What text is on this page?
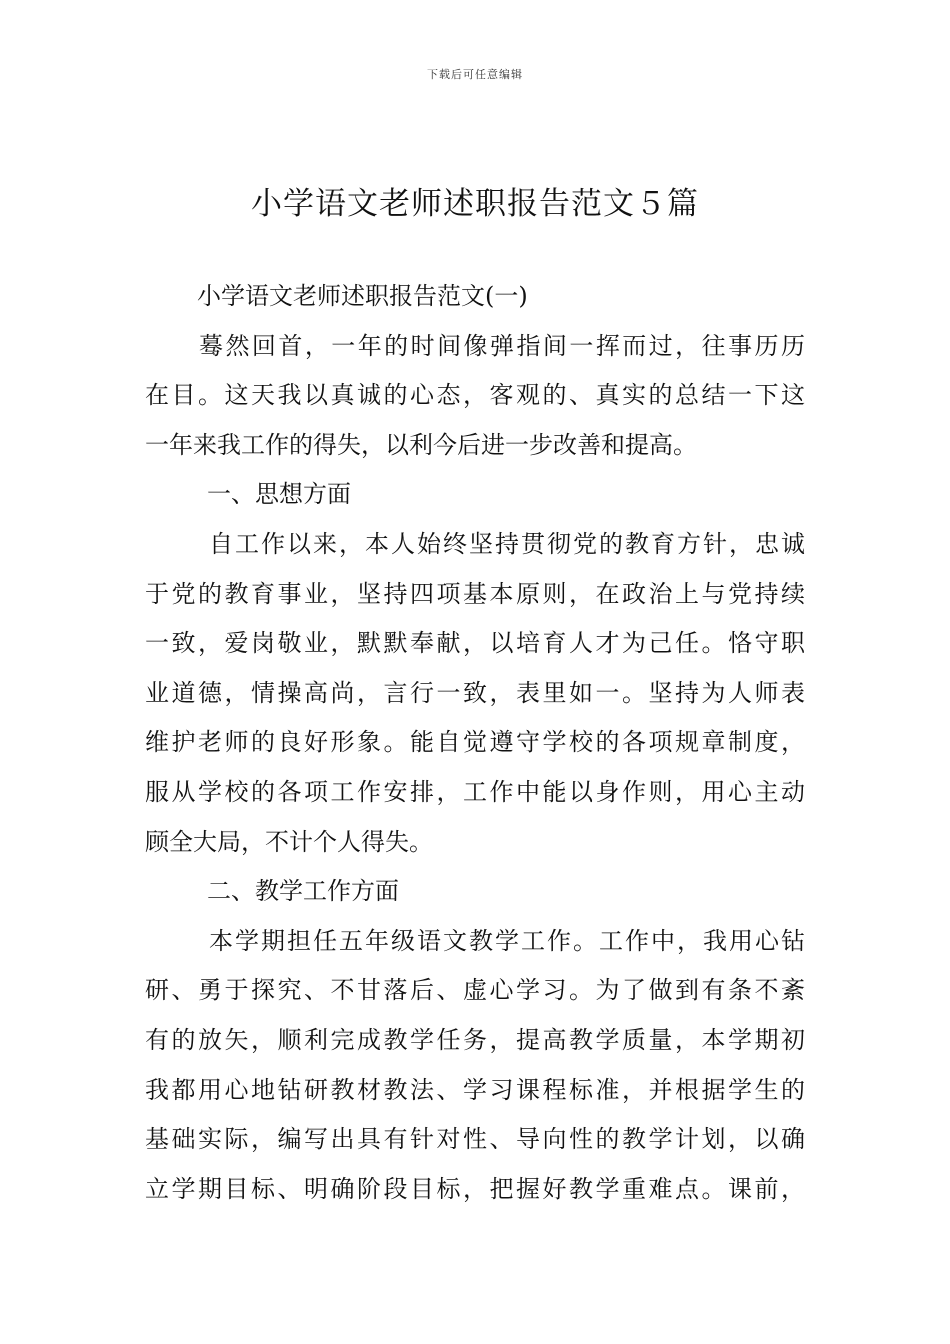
下载后可任意编辑
小学语文老师述职报告范文５篇
小学语文老师述职报告范文(一)
蓦然回首，一年的时间像弹指间一挥而过，往事历历
在目。这天我以真诚的心态，客观的、真实的总结一下这
一年来我工作的得失，以利今后进一步改善和提高。
一、思想方面
自工作以来，本人始终坚持贯彻党的教育方针，忠诚
于党的教育事业，坚持四项基本原则，在政治上与党持续
一致，爱岗敬业，默默奉献，以培育人才为己任。恪守职
业道德，情操高尚，言行一致，表里如一。坚持为人师表
维护老师的良好形象。能自觉遵守学校的各项规章制度，
服从学校的各项工作安排，工作中能以身作则，用心主动
顾全大局，不计个人得失。
二、教学工作方面
本学期担任五年级语文教学工作。工作中，我用心钻
研、勇于探究、不甘落后、虚心学习。为了做到有条不紊
有的放矢，顺利完成教学任务，提高教学质量，本学期初
我都用心地钻研教材教法、学习课程标准，并根据学生的
基础实际，编写出具有针对性、导向性的教学计划，以确
立学期目标、明确阶段目标，把握好教学重难点。课前，
